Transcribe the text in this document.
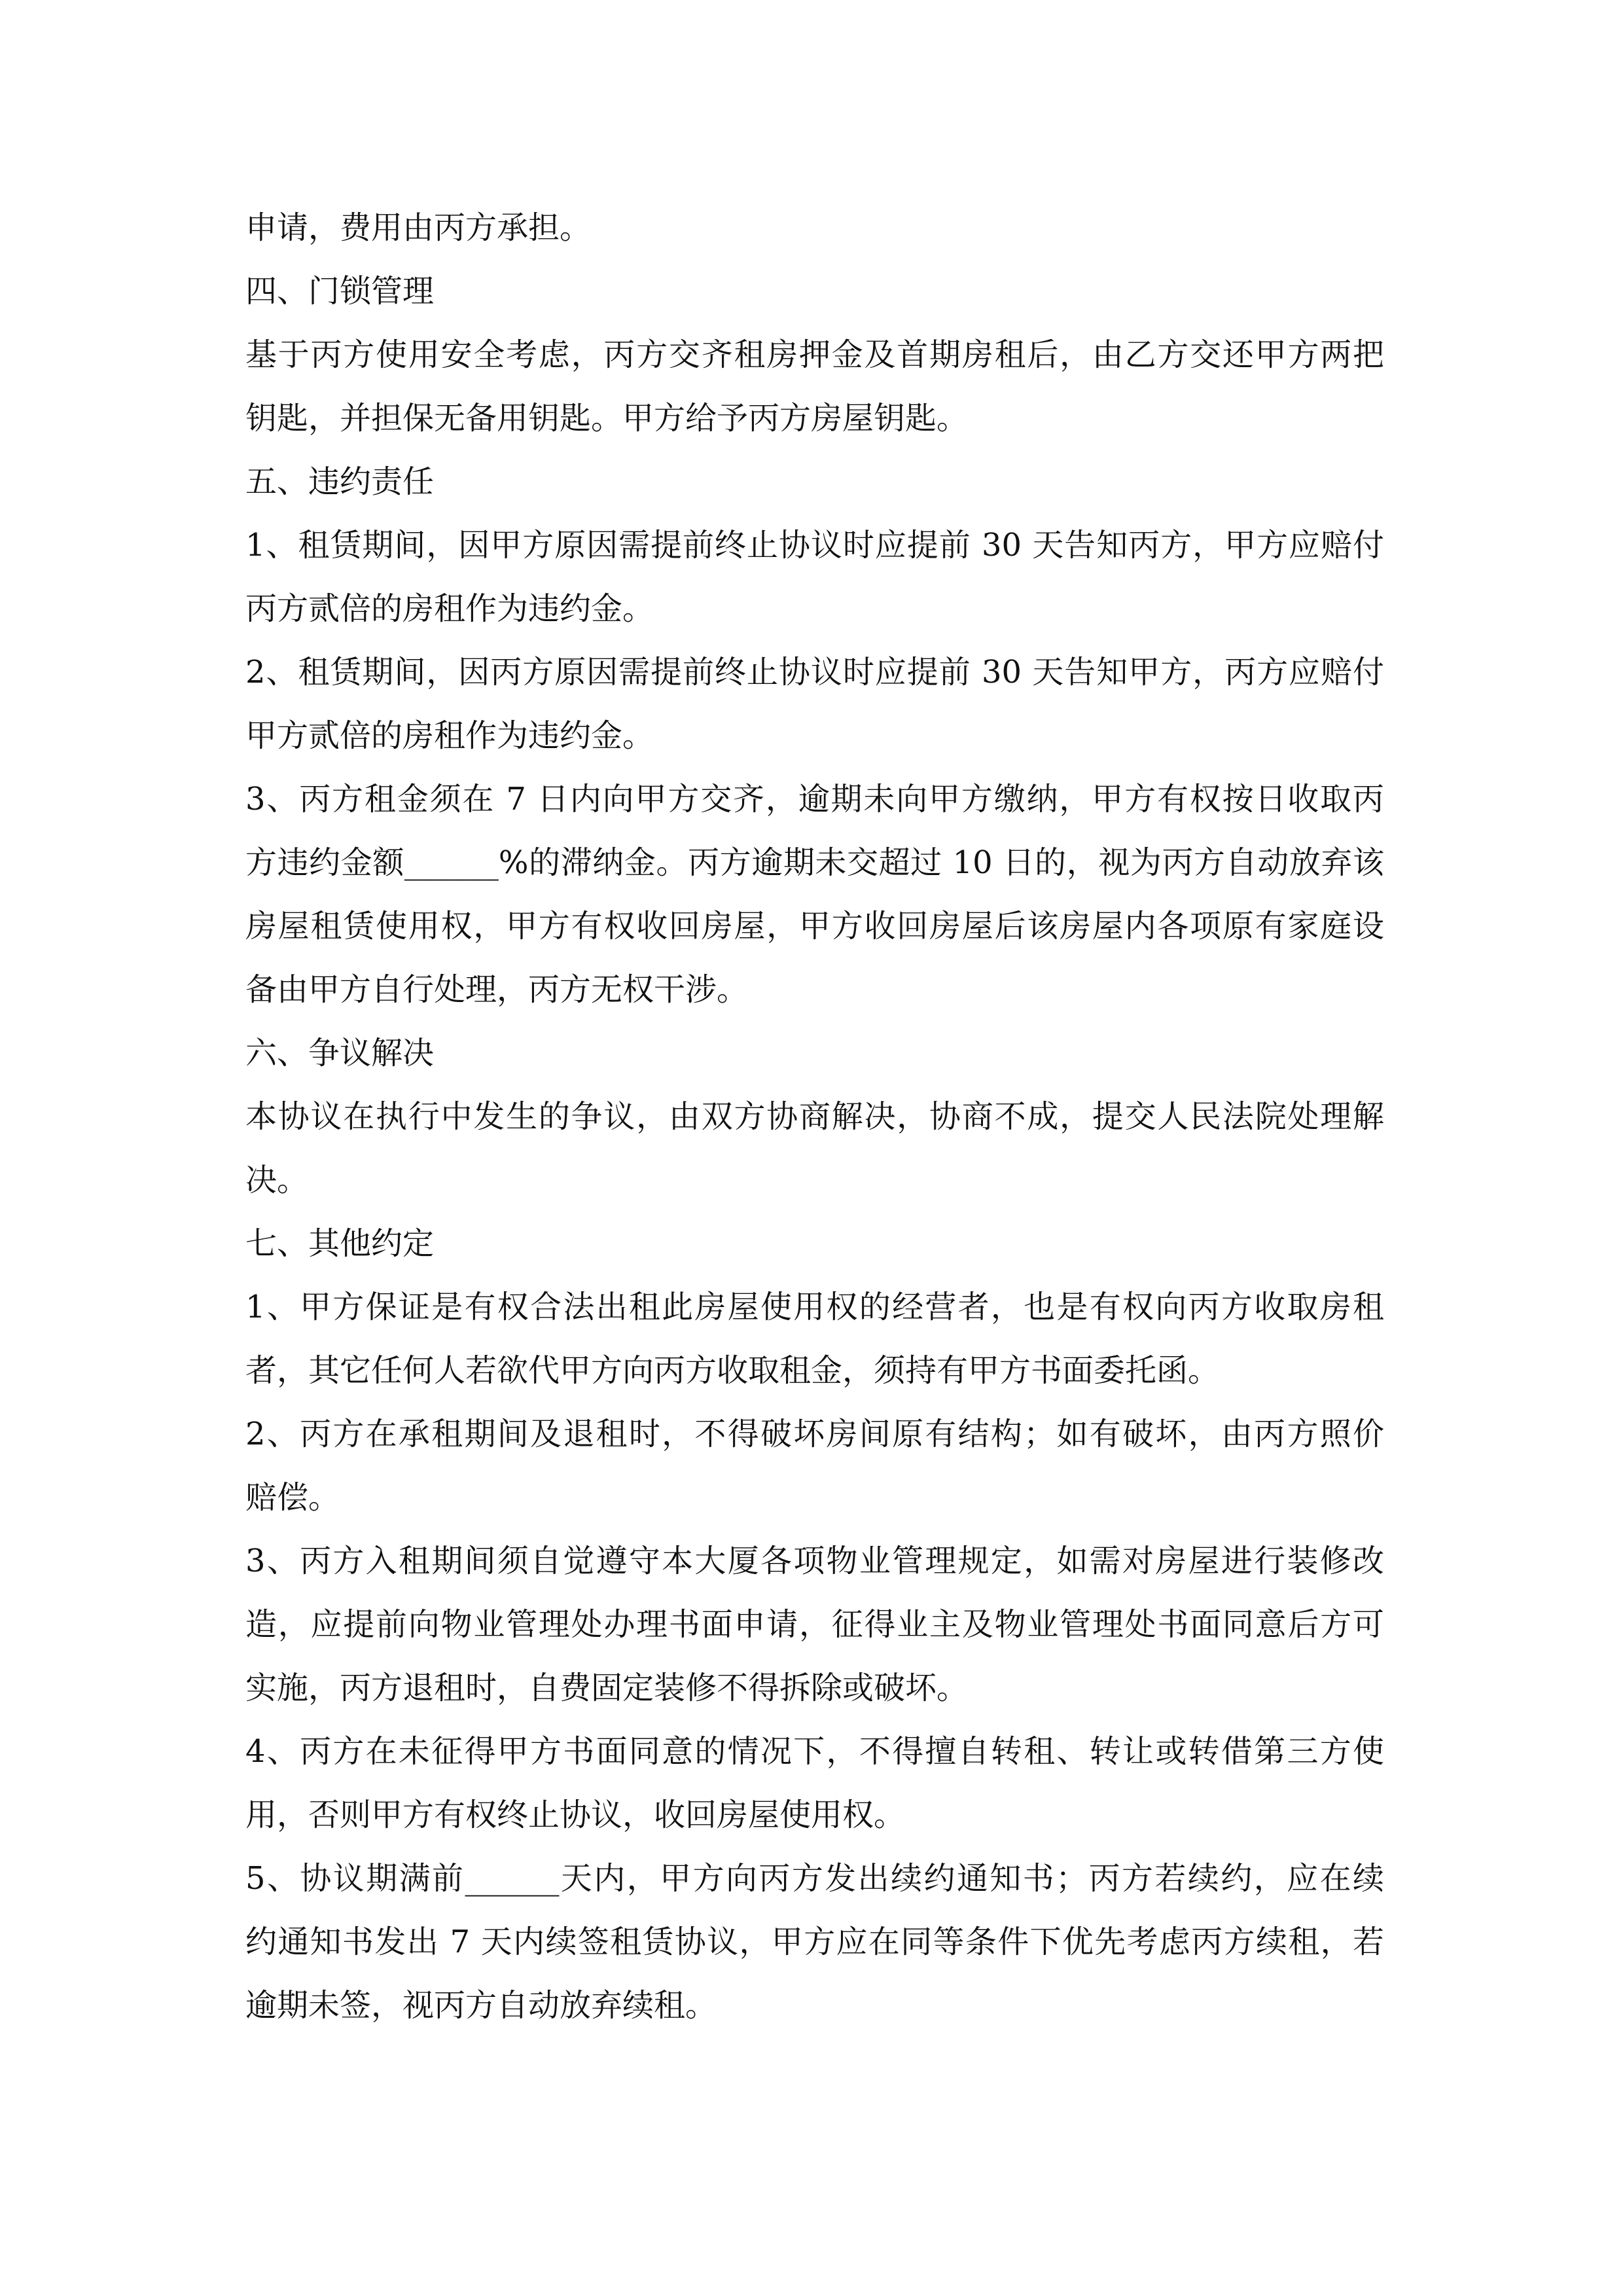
申请，费用由丙方承担。
四、门锁管理
基于丙方使用安全考虑，丙方交齐租房押金及首期房租后，由乙方交还甲方两把
钥匙，并担保无备用钥匙。甲方给予丙方房屋钥匙。
五、违约责任
1、租赁期间，因甲方原因需提前终止协议时应提前 30 天告知丙方，甲方应赔付
丙方贰倍的房租作为违约金。
2、租赁期间，因丙方原因需提前终止协议时应提前 30 天告知甲方，丙方应赔付
甲方贰倍的房租作为违约金。
3、丙方租金须在 7 日内向甲方交齐，逾期未向甲方缴纳，甲方有权按日收取丙
方违约金额______%的滞纳金。丙方逾期未交超过 10 日的，视为丙方自动放弃该
房屋租赁使用权，甲方有权收回房屋，甲方收回房屋后该房屋内各项原有家庭设
备由甲方自行处理，丙方无权干涉。
六、争议解决
本协议在执行中发生的争议，由双方协商解决，协商不成，提交人民法院处理解
决。
七、其他约定
1、甲方保证是有权合法出租此房屋使用权的经营者，也是有权向丙方收取房租
者，其它任何人若欲代甲方向丙方收取租金，须持有甲方书面委托函。
2、丙方在承租期间及退租时，不得破坏房间原有结构；如有破坏，由丙方照价
赔偿。
3、丙方入租期间须自觉遵守本大厦各项物业管理规定，如需对房屋进行装修改
造，应提前向物业管理处办理书面申请，征得业主及物业管理处书面同意后方可
实施，丙方退租时，自费固定装修不得拆除或破坏。
4、丙方在未征得甲方书面同意的情况下，不得擅自转租、转让或转借第三方使
用，否则甲方有权终止协议，收回房屋使用权。
5、协议期满前______天内，甲方向丙方发出续约通知书；丙方若续约，应在续
约通知书发出 7 天内续签租赁协议，甲方应在同等条件下优先考虑丙方续租，若
逾期未签，视丙方自动放弃续租。
